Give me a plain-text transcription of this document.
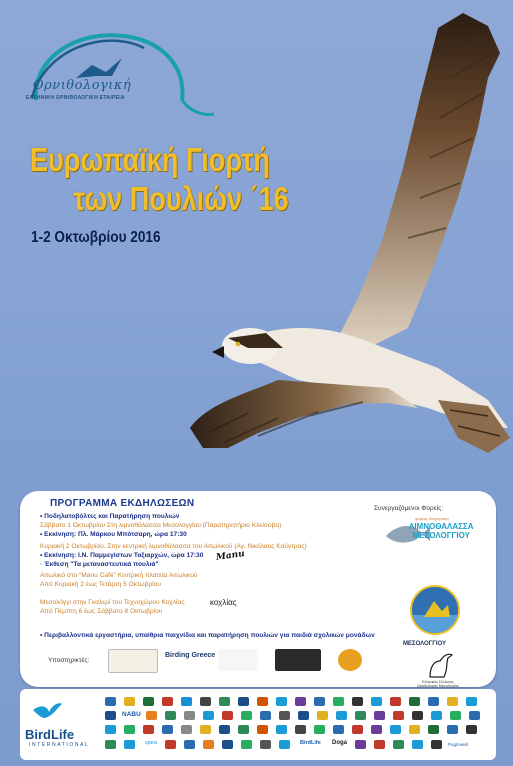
Ορνιθολογική
ΕΛΛΗΝΙΚΗ ΟΡΝΙΘΟΛΟΓΙΚΗ ΕΤΑΙΡΕΙΑ
Ευρωπαϊκή Γιορτή
των Πουλιών ΄16
1-2 Οκτωβρίου 2016
ΠΡΟΓΡΑΜΜΑ ΕΚΔΗΛΩΣΕΩΝ
• Ποδηλατοβόλτες και Παρατήρηση πουλιών
Σάββατο 1 Οκτωβρίου Στη λιμνοθάλασσα Μεσολογγίου (Παρατηρητήριο Κλείσοβα)
• Εκκίνηση: Πλ. Μάρκου Μπότσαρη, ώρα 17:30
Κυριακή 2 Οκτωβρίου. Στην κεντρική λιμνοθάλασσα του Αιτωλικού (Αγ. Νικόλαος Κούντρας)
• Εκκίνηση: Ι.Ν. Παμμεγίστων Ταξιαρχών, ώρα 17:30
· Έκθεση "Τα μεταναστευτικά πουλιά"
Αιτωλικό στο "Manu Café" Κεντρική πλατεία Αιτωλικού
Από Κυριακή 2 έως Τετάρτη 5 Οκτωβρίου
Μεσολόγγι στην Γκαλερί του Τεχνοχώρου Κοχλίας
Από Πέμπτη 6 έως Σάββατο 8 Οκτωβρίου
• Περιβαλλοντικά εργαστήρια, υπαίθρια παιχνίδια και παρατήρηση πουλιών για παιδιά σχολικών μονάδων
Manu
κοχλίας
Συνεργαζόμενοι Φορείς:
φορέας διαχείρισης
ΛΙΜΝΟΘΑΛΑΣΣΑ
ΜΕΣΟΛΟΓΓΙΟΥ
ΜΕΣΟΛΟΓΓΙΟΥ
Ελληνικός Σύλλογος Ορνιθολογίας Μεσολογγίου
Υποστηρικτές:
Birding Greece
BirdLife
INTERNATIONAL
NABU
spea	BirdLife Doga	Pugtoveld
